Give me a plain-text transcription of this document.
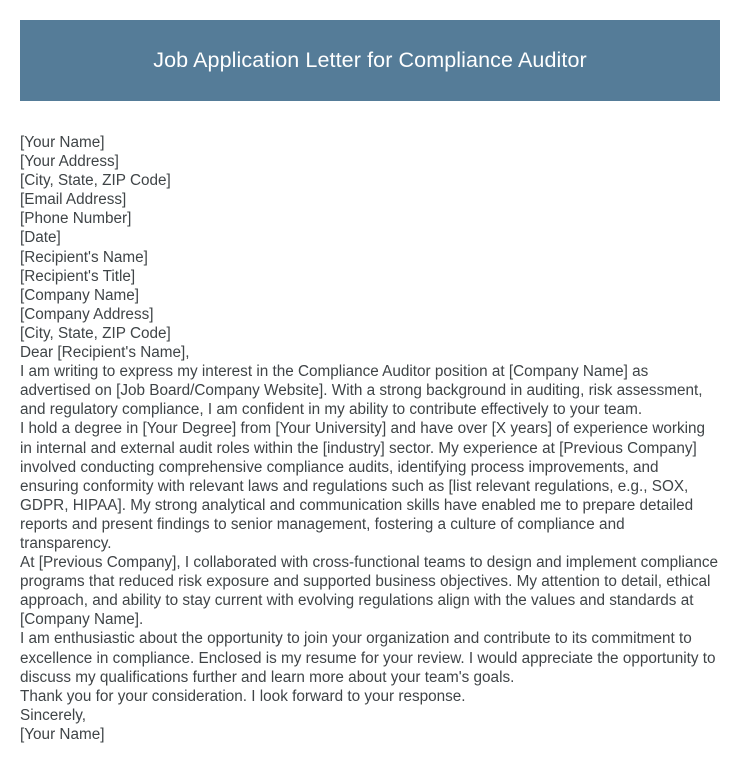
Job Application Letter for Compliance Auditor
[Your Name]
[Your Address]
[City, State, ZIP Code]
[Email Address]
[Phone Number]
[Date]
[Recipient's Name]
[Recipient's Title]
[Company Name]
[Company Address]
[City, State, ZIP Code]
Dear [Recipient's Name],
I am writing to express my interest in the Compliance Auditor position at [Company Name] as advertised on [Job Board/Company Website]. With a strong background in auditing, risk assessment, and regulatory compliance, I am confident in my ability to contribute effectively to your team.
I hold a degree in [Your Degree] from [Your University] and have over [X years] of experience working in internal and external audit roles within the [industry] sector. My experience at [Previous Company] involved conducting comprehensive compliance audits, identifying process improvements, and ensuring conformity with relevant laws and regulations such as [list relevant regulations, e.g., SOX, GDPR, HIPAA]. My strong analytical and communication skills have enabled me to prepare detailed reports and present findings to senior management, fostering a culture of compliance and transparency.
At [Previous Company], I collaborated with cross-functional teams to design and implement compliance programs that reduced risk exposure and supported business objectives. My attention to detail, ethical approach, and ability to stay current with evolving regulations align with the values and standards at [Company Name].
I am enthusiastic about the opportunity to join your organization and contribute to its commitment to excellence in compliance. Enclosed is my resume for your review. I would appreciate the opportunity to discuss my qualifications further and learn more about your team's goals.
Thank you for your consideration. I look forward to your response.
Sincerely,
[Your Name]
